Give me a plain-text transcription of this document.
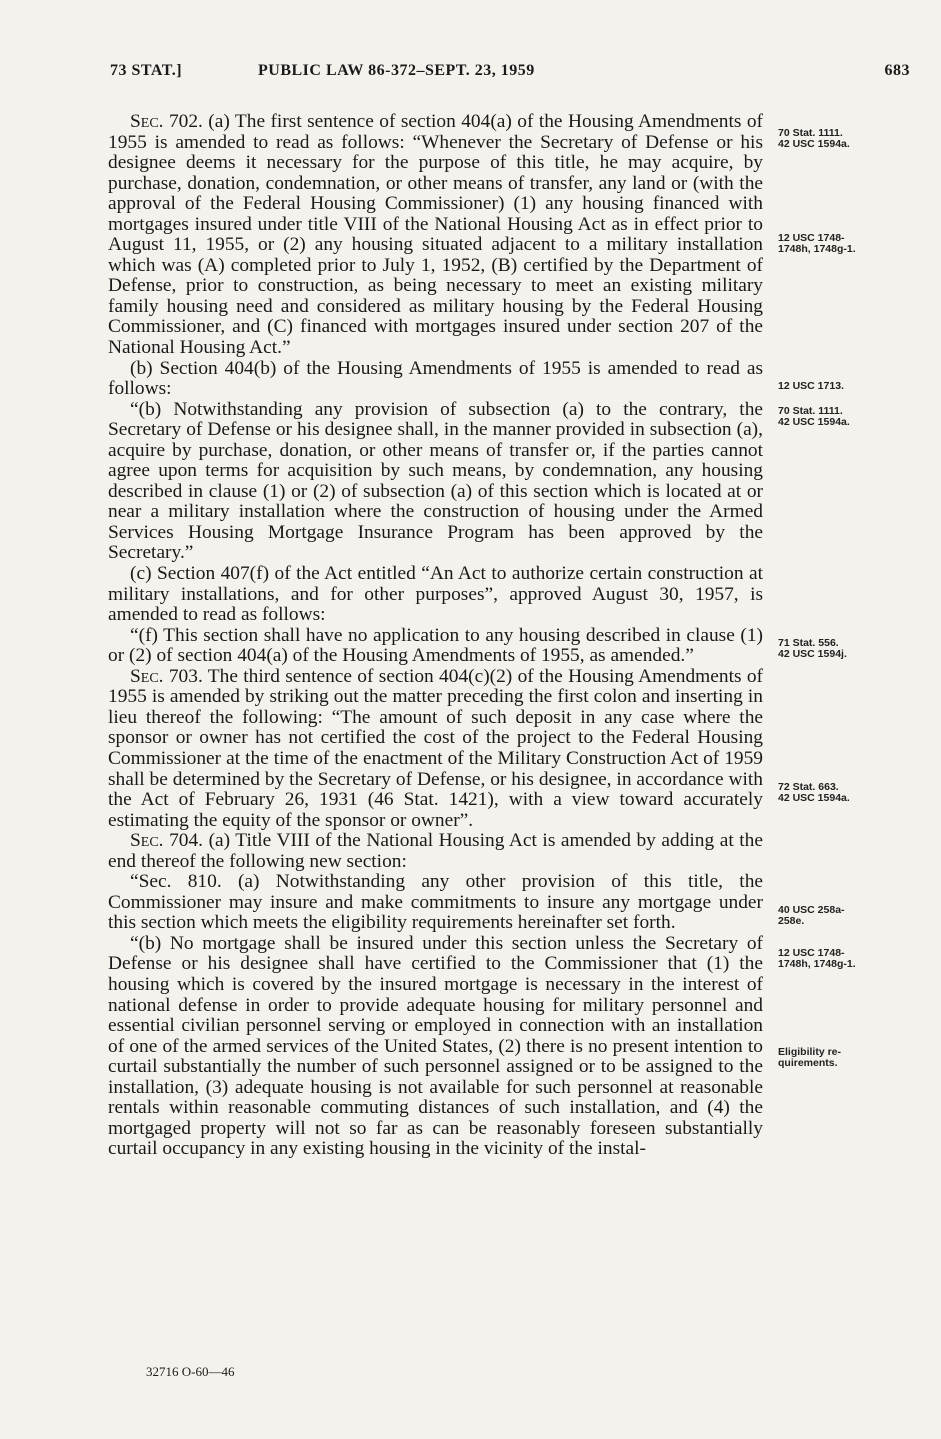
73 STAT.]	PUBLIC LAW 86-372–SEPT. 23, 1959	683

Sec. 702. (a) The first sentence of section 404(a) of the Housing Amendments of 1955 is amended to read as follows: “Whenever the Secretary of Defense or his designee deems it necessary for the purpose of this title, he may acquire, by purchase, donation, condemnation, or other means of transfer, any land or (with the approval of the Federal Housing Commissioner) (1) any housing financed with mortgages insured under title VIII of the National Housing Act as in effect prior to August 11, 1955, or (2) any housing situated adjacent to a military installation which was (A) completed prior to July 1, 1952, (B) certified by the Department of Defense, prior to construction, as being necessary to meet an existing military family housing need and considered as military housing by the Federal Housing Commissioner, and (C) financed with mortgages insured under section 207 of the National Housing Act.”

(b) Section 404(b) of the Housing Amendments of 1955 is amended to read as follows:

“(b) Notwithstanding any provision of subsection (a) to the contrary, the Secretary of Defense or his designee shall, in the manner provided in subsection (a), acquire by purchase, donation, or other means of transfer or, if the parties cannot agree upon terms for acquisition by such means, by condemnation, any housing described in clause (1) or (2) of subsection (a) of this section which is located at or near a military installation where the construction of housing under the Armed Services Housing Mortgage Insurance Program has been approved by the Secretary.”

(c) Section 407(f) of the Act entitled “An Act to authorize certain construction at military installations, and for other purposes”, approved August 30, 1957, is amended to read as follows:

“(f) This section shall have no application to any housing described in clause (1) or (2) of section 404(a) of the Housing Amendments of 1955, as amended.”

Sec. 703. The third sentence of section 404(c)(2) of the Housing Amendments of 1955 is amended by striking out the matter preceding the first colon and inserting in lieu thereof the following: “The amount of such deposit in any case where the sponsor or owner has not certified the cost of the project to the Federal Housing Commissioner at the time of the enactment of the Military Construction Act of 1959 shall be determined by the Secretary of Defense, or his designee, in accordance with the Act of February 26, 1931 (46 Stat. 1421), with a view toward accurately estimating the equity of the sponsor or owner”.

Sec. 704. (a) Title VIII of the National Housing Act is amended by adding at the end thereof the following new section:

“Sec. 810. (a) Notwithstanding any other provision of this title, the Commissioner may insure and make commitments to insure any mortgage under this section which meets the eligibility requirements hereinafter set forth.

“(b) No mortgage shall be insured under this section unless the Secretary of Defense or his designee shall have certified to the Commissioner that (1) the housing which is covered by the insured mortgage is necessary in the interest of national defense in order to provide adequate housing for military personnel and essential civilian personnel serving or employed in connection with an installation of one of the armed services of the United States, (2) there is no present intention to curtail substantially the number of such personnel assigned or to be assigned to the installation, (3) adequate housing is not available for such personnel at reasonable rentals within reasonable commuting distances of such installation, and (4) the mortgaged property will not so far as can be reasonably foreseen substantially curtail occupancy in any existing housing in the vicinity of the instal-

70 Stat. 1111.
42 USC 1594a.
12 USC 1748-
1748h, 1748g-1.
12 USC 1713.
70 Stat. 1111.
42 USC 1594a.
71 Stat. 556.
42 USC 1594j.
72 Stat. 663.
42 USC 1594a.
40 USC 258a-
258e.
12 USC 1748-
1748h, 1748g-1.
Eligibility re-
quirements.
32716 O-60—46
